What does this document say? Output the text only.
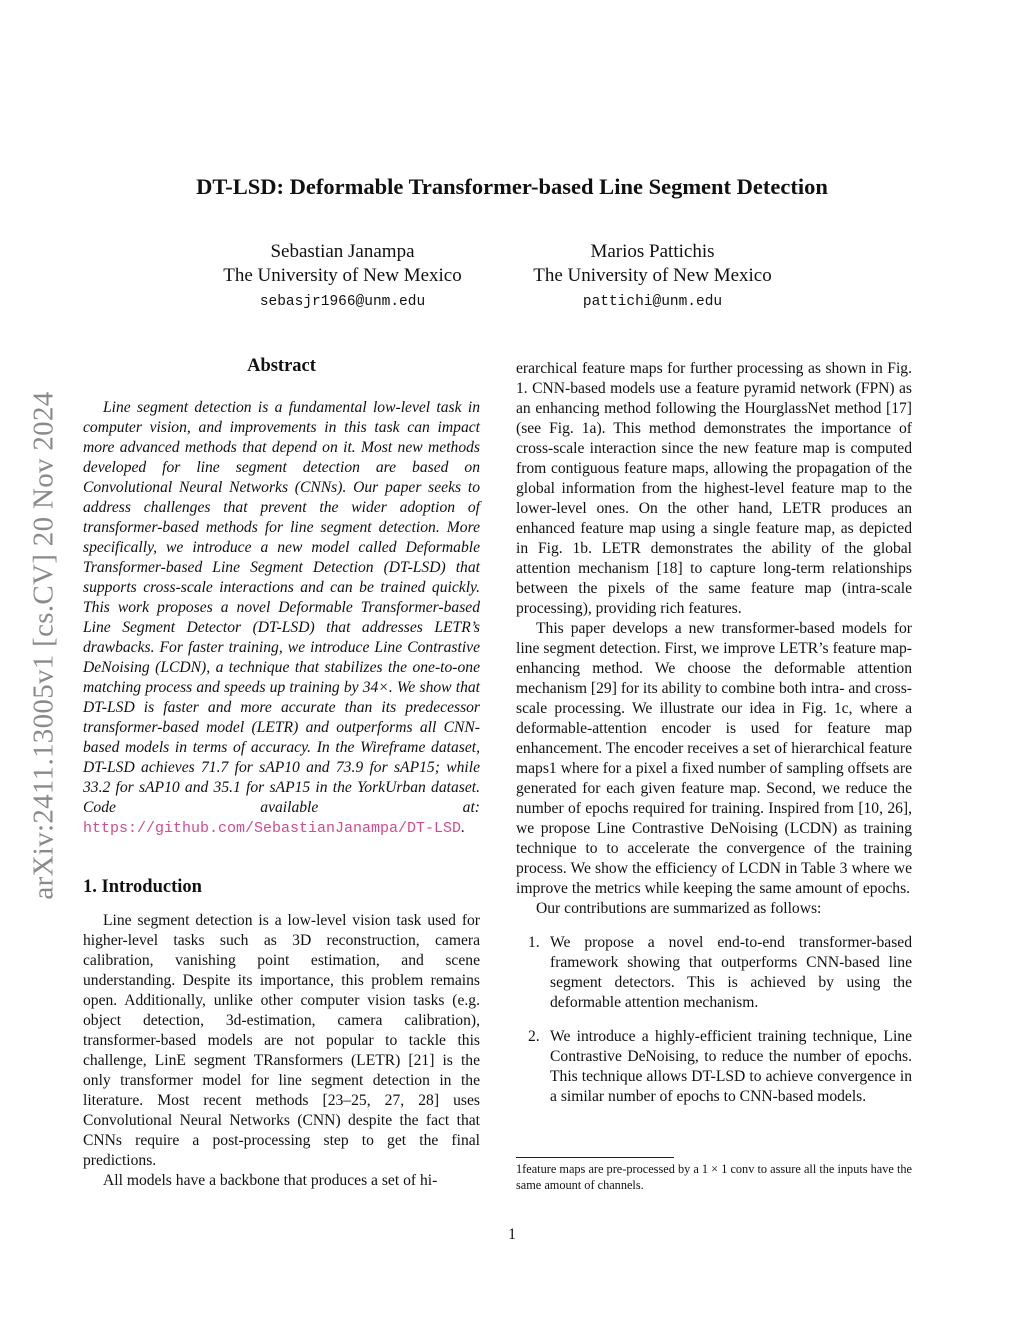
arXiv:2411.13005v1 [cs.CV] 20 Nov 2024
DT-LSD: Deformable Transformer-based Line Segment Detection
Sebastian Janampa
The University of New Mexico
sebasjr1966@unm.edu
Marios Pattichis
The University of New Mexico
pattichi@unm.edu
Abstract

Line segment detection is a fundamental low-level task in computer vision, and improvements in this task can impact more advanced methods that depend on it. Most new methods developed for line segment detection are based on Convolutional Neural Networks (CNNs). Our paper seeks to address challenges that prevent the wider adoption of transformer-based methods for line segment detection. More specifically, we introduce a new model called Deformable Transformer-based Line Segment Detection (DT-LSD) that supports cross-scale interactions and can be trained quickly. This work proposes a novel Deformable Transformer-based Line Segment Detector (DT-LSD) that addresses LETR’s drawbacks. For faster training, we introduce Line Contrastive DeNoising (LCDN), a technique that stabilizes the one-to-one matching process and speeds up training by 34×. We show that DT-LSD is faster and more accurate than its predecessor transformer-based model (LETR) and outperforms all CNN-based models in terms of accuracy. In the Wireframe dataset, DT-LSD achieves 71.7 for sAP10 and 73.9 for sAP15; while 33.2 for sAP10 and 35.1 for sAP15 in the YorkUrban dataset. Code available at: https://github.com/SebastianJanampa/DT-LSD.

1. Introduction

Line segment detection is a low-level vision task used for higher-level tasks such as 3D reconstruction, camera calibration, vanishing point estimation, and scene understanding. Despite its importance, this problem remains open. Additionally, unlike other computer vision tasks (e.g. object detection, 3d-estimation, camera calibration), transformer-based models are not popular to tackle this challenge, LinE segment TRansformers (LETR) [21] is the only transformer model for line segment detection in the literature. Most recent methods [23–25, 27, 28] uses Convolutional Neural Networks (CNN) despite the fact that CNNs require a post-processing step to get the final predictions.

All models have a backbone that produces a set of hi-

erarchical feature maps for further processing as shown in Fig. 1. CNN-based models use a feature pyramid network (FPN) as an enhancing method following the HourglassNet method [17] (see Fig. 1a). This method demonstrates the importance of cross-scale interaction since the new feature map is computed from contiguous feature maps, allowing the propagation of the global information from the highest-level feature map to the lower-level ones. On the other hand, LETR produces an enhanced feature map using a single feature map, as depicted in Fig. 1b. LETR demonstrates the ability of the global attention mechanism [18] to capture long-term relationships between the pixels of the same feature map (intra-scale processing), providing rich features.

This paper develops a new transformer-based models for line segment detection. First, we improve LETR’s feature map-enhancing method. We choose the deformable attention mechanism [29] for its ability to combine both intra- and cross-scale processing. We illustrate our idea in Fig. 1c, where a deformable-attention encoder is used for feature map enhancement. The encoder receives a set of hierarchical feature maps1 where for a pixel a fixed number of sampling offsets are generated for each given feature map. Second, we reduce the number of epochs required for training. Inspired from [10, 26], we propose Line Contrastive DeNoising (LCDN) as training technique to to accelerate the convergence of the training process. We show the efficiency of LCDN in Table 3 where we improve the metrics while keeping the same amount of epochs.

Our contributions are summarized as follows:

1. We propose a novel end-to-end transformer-based framework showing that outperforms CNN-based line segment detectors. This is achieved by using the deformable attention mechanism.
2. We introduce a highly-efficient training technique, Line Contrastive DeNoising, to reduce the number of epochs. This technique allows DT-LSD to achieve convergence in a similar number of epochs to CNN-based models.
1feature maps are pre-processed by a 1 × 1 conv to assure all the inputs have the same amount of channels.
1
